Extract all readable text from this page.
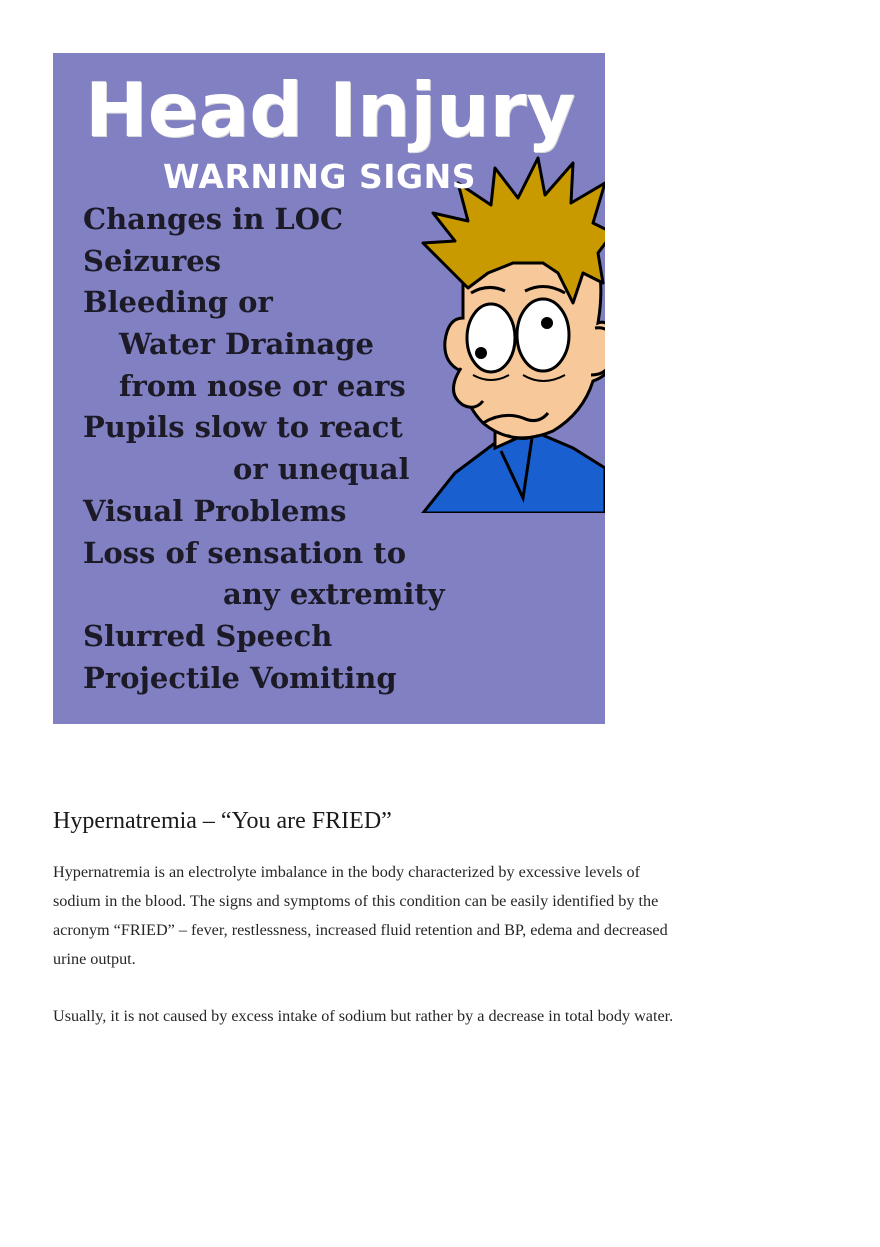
Head Injury
WARNING SIGNS
Changes in LOC
Seizures
Bleeding or
Water Drainage
from nose or ears
Pupils slow to react
or unequal
Visual Problems
Loss of sensation to
any extremity
Slurred Speech
Projectile Vomiting
Hypernatremia – “You are FRIED”

Hypernatremia is an electrolyte imbalance in the body characterized by excessive levels of sodium in the blood. The signs and symptoms of this condition can be easily identified by the acronym “FRIED” – fever, restlessness, increased fluid retention and BP, edema and decreased urine output.

Usually, it is not caused by excess intake of sodium but rather by a decrease in total body water.
